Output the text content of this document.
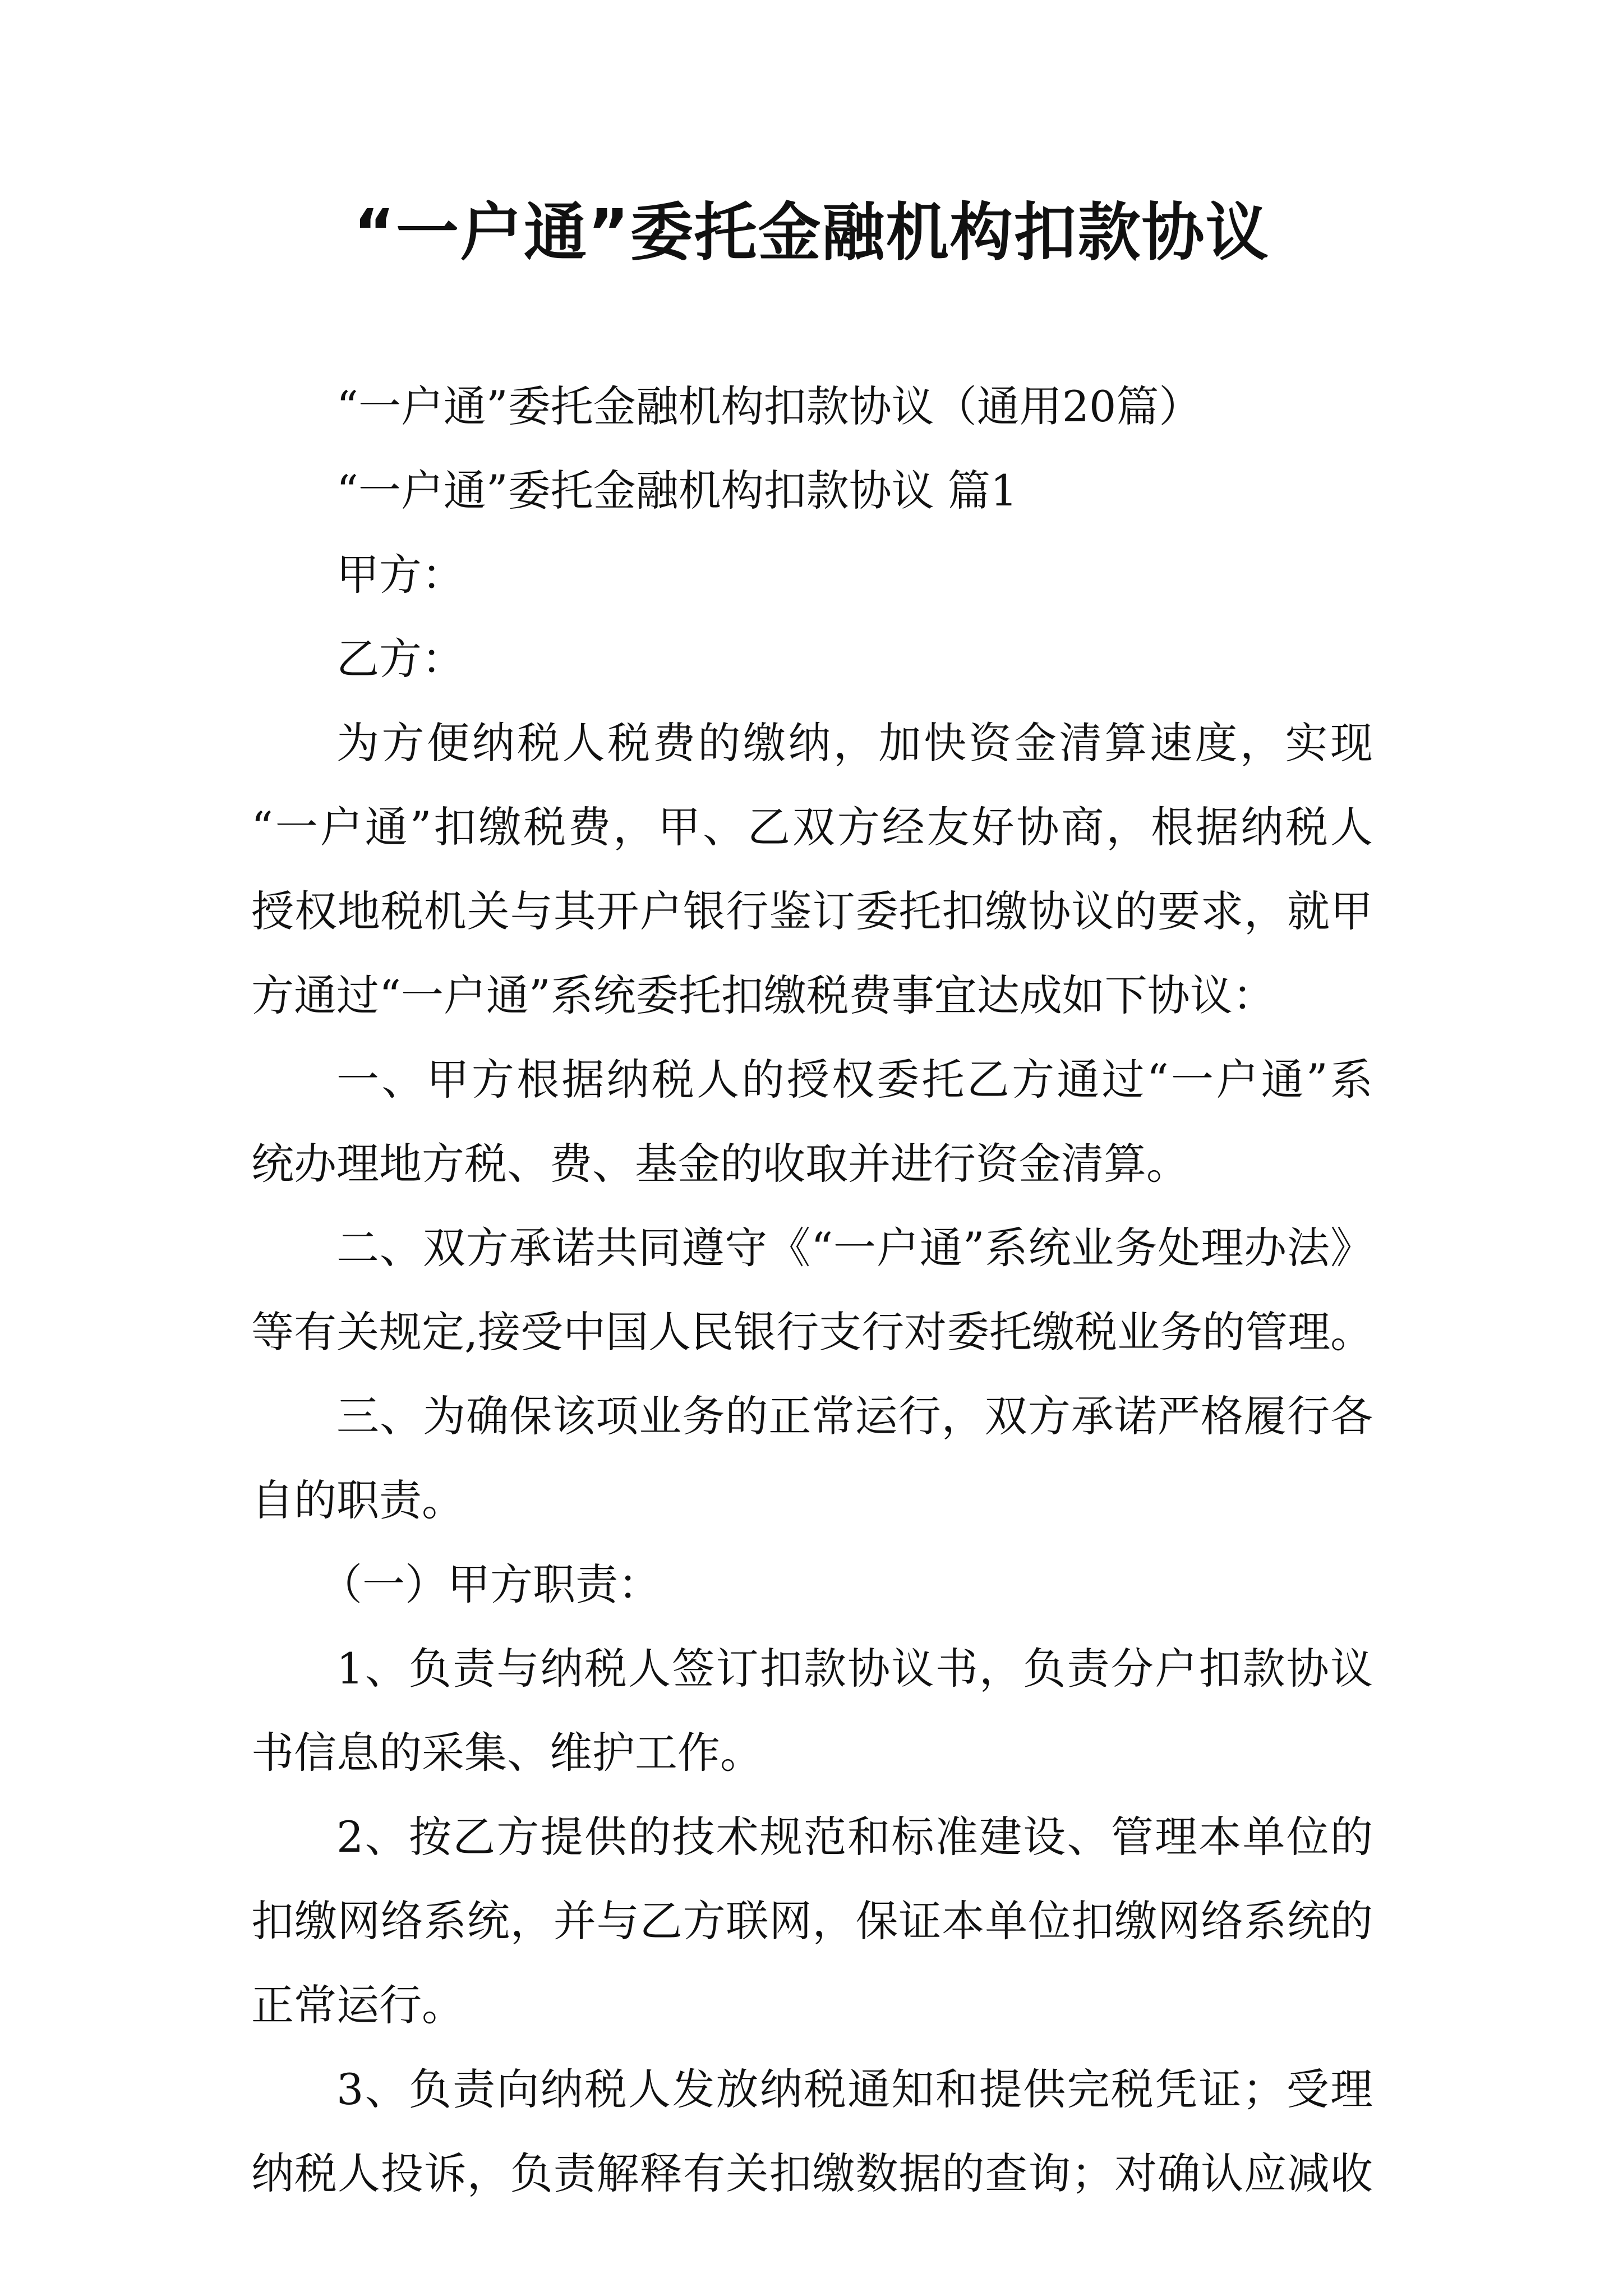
“一户通”委托金融机构扣款协议
“一户通”委托金融机构扣款协议（通用20篇）
“一户通”委托金融机构扣款协议 篇1
甲方：
乙方：
为方便纳税人税费的缴纳，加快资金清算速度，实现
“一户通”扣缴税费，甲、乙双方经友好协商，根据纳税人
授权地税机关与其开户银行鉴订委托扣缴协议的要求，就甲
方通过“一户通”系统委托扣缴税费事宜达成如下协议：
一、甲方根据纳税人的授权委托乙方通过“一户通”系
统办理地方税、费、基金的收取并进行资金清算。
二、双方承诺共同遵守《“一户通”系统业务处理办法》
等有关规定,接受中国人民银行支行对委托缴税业务的管理。
三、为确保该项业务的正常运行，双方承诺严格履行各
自的职责。
（一）甲方职责：
1、负责与纳税人签订扣款协议书，负责分户扣款协议
书信息的采集、维护工作。
2、按乙方提供的技术规范和标准建设、管理本单位的
扣缴网络系统，并与乙方联网，保证本单位扣缴网络系统的
正常运行。
3、负责向纳税人发放纳税通知和提供完税凭证；受理
纳税人投诉，负责解释有关扣缴数据的查询；对确认应减收
